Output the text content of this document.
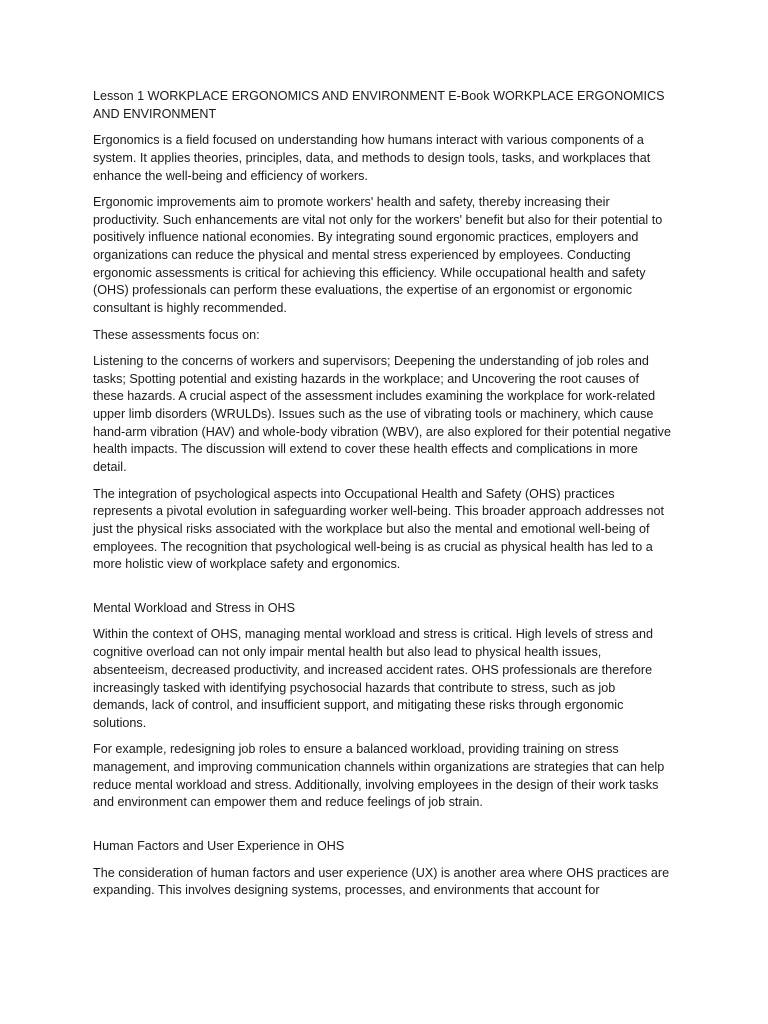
Lesson 1 WORKPLACE ERGONOMICS AND ENVIRONMENT E-Book WORKPLACE ERGONOMICS AND ENVIRONMENT

Ergonomics is a field focused on understanding how humans interact with various components of a system. It applies theories, principles, data, and methods to design tools, tasks, and workplaces that enhance the well-being and efficiency of workers.

Ergonomic improvements aim to promote workers' health and safety, thereby increasing their productivity. Such enhancements are vital not only for the workers' benefit but also for their potential to positively influence national economies. By integrating sound ergonomic practices, employers and organizations can reduce the physical and mental stress experienced by employees. Conducting ergonomic assessments is critical for achieving this efficiency. While occupational health and safety (OHS) professionals can perform these evaluations, the expertise of an ergonomist or ergonomic consultant is highly recommended.

These assessments focus on:

Listening to the concerns of workers and supervisors; Deepening the understanding of job roles and tasks; Spotting potential and existing hazards in the workplace; and Uncovering the root causes of these hazards. A crucial aspect of the assessment includes examining the workplace for work-related upper limb disorders (WRULDs). Issues such as the use of vibrating tools or machinery, which cause hand-arm vibration (HAV) and whole-body vibration (WBV), are also explored for their potential negative health impacts. The discussion will extend to cover these health effects and complications in more detail.

The integration of psychological aspects into Occupational Health and Safety (OHS) practices represents a pivotal evolution in safeguarding worker well-being. This broader approach addresses not just the physical risks associated with the workplace but also the mental and emotional well-being of employees. The recognition that psychological well-being is as crucial as physical health has led to a more holistic view of workplace safety and ergonomics.

Mental Workload and Stress in OHS

Within the context of OHS, managing mental workload and stress is critical. High levels of stress and cognitive overload can not only impair mental health but also lead to physical health issues, absenteeism, decreased productivity, and increased accident rates. OHS professionals are therefore increasingly tasked with identifying psychosocial hazards that contribute to stress, such as job demands, lack of control, and insufficient support, and mitigating these risks through ergonomic solutions.

For example, redesigning job roles to ensure a balanced workload, providing training on stress management, and improving communication channels within organizations are strategies that can help reduce mental workload and stress. Additionally, involving employees in the design of their work tasks and environment can empower them and reduce feelings of job strain.

Human Factors and User Experience in OHS

The consideration of human factors and user experience (UX) is another area where OHS practices are expanding. This involves designing systems, processes, and environments that account for
